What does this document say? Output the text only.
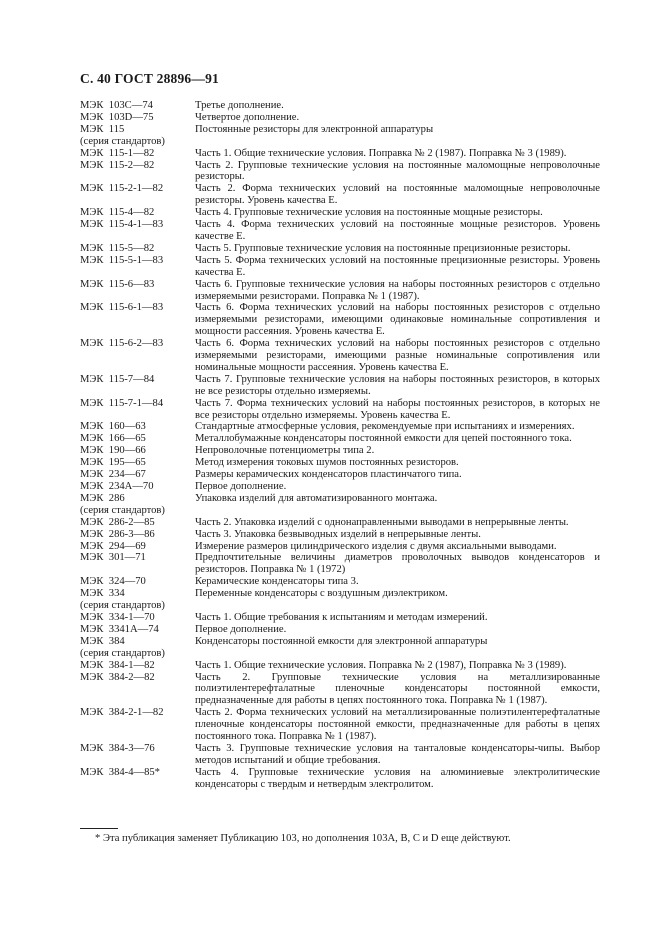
С. 40 ГОСТ 28896—91
МЭК  103С—74	Третье дополнение.
МЭК  103D—75	Четвертое дополнение.
МЭК  115	Постоянные резисторы для электронной аппаратуры
(серия стандартов)
МЭК  115-1—82	Часть 1. Общие технические условия. Поправка № 2 (1987). Поправка № 3 (1989).
МЭК  115-2—82	Часть 2. Групповые технические условия на постоянные маломощные непроволочные резисторы.
МЭК  115-2-1—82	Часть 2. Форма технических условий на постоянные маломощные непроволочные резисторы. Уровень качества Е.
МЭК  115-4—82	Часть 4. Групповые технические условия на постоянные мощные резисторы.
МЭК  115-4-1—83	Часть 4. Форма технических условий на постоянные мощные резисторов. Уровень качестве Е.
МЭК  115-5—82	Часть 5. Групповые технические условия на постоянные прецизионные резисторы.
МЭК  115-5-1—83	Часть 5. Форма технических условий на постоянные прецизионные резисторы. Уровень качества Е.
МЭК  115-6—83	Часть 6. Групповые технические условия на наборы постоянных резисторов с отдельно измеряемыми резисторами. Поправка № 1 (1987).
МЭК  115-6-1—83	Часть 6. Форма технических условий на наборы постоянных резисторов с отдельно измеряемыми резисторами, имеющими одинаковые номинальные сопротивления и мощности рассеяния. Уровень качества Е.
МЭК  115-6-2—83	Часть 6. Форма технических условий на наборы постоянных резисторов с отдельно измеряемыми резисторами, имеющими разные номинальные сопротивления или номинальные мощности рассеяния. Уровень качества Е.
МЭК  115-7—84	Часть 7. Групповые технические условия на наборы постоянных резисторов, в которых не все резисторы отдельно измеряемы.
МЭК  115-7-1—84	Часть 7. Форма технических условий на наборы постоянных резисторов, в которых не все резисторы отдельно измеряемы. Уровень качества Е.
МЭК  160—63	Стандартные атмосферные условия, рекомендуемые при испытаниях и измерениях.
МЭК  166—65	Металлобумажные конденсаторы постоянной емкости для цепей постоянного тока.
МЭК  190—66	Непроволочные потенциометры типа 2.
МЭК  195—65	Метод измерения токовых шумов постоянных резисторов.
МЭК  234—67	Размеры керамических конденсаторов пластинчатого типа.
МЭК  234А—70	Первое дополнение.
МЭК  286	Упаковка изделий для автоматизированного монтажа.
(серия стандартов)
МЭК  286-2—85	Часть 2. Упаковка изделий с однонаправленными выводами в непрерывные ленты.
МЭК  286-3—86	Часть 3. Упаковка безвыводных изделий в непрерывные ленты.
МЭК  294—69	Измерение размеров цилиндрического изделия с двумя аксиальными выводами.
МЭК  301—71	Предпочтительные величины диаметров проволочных выводов конденсаторов и резисторов. Поправка № 1 (1972)
МЭК  324—70	Керамические конденсаторы типа 3.
МЭК  334	Переменные конденсаторы с воздушным диэлектриком.
(серия стандартов)
МЭК  334-1—70	Часть 1. Общие требования к испытаниям и методам измерений.
МЭК  3341А—74	Первое дополнение.
МЭК  384	Конденсаторы постоянной емкости для электронной аппаратуры
(серия стандартов)
МЭК  384-1—82	Часть 1. Общие технические условия. Поправка № 2 (1987), Поправка № 3 (1989).
МЭК  384-2—82	Часть 2. Групповые технические условия на металлизированные полиэтилентерефталатные пленочные конденсаторы постоянной емкости, предназначенные для работы в цепях постоянного тока. Поправка № 1 (1987).
МЭК  384-2-1—82	Часть 2. Форма технических условий на металлизированные полиэтилентерефталатные пленочные конденсаторы постоянной емкости, предназначенные для работы в цепях постоянного тока. Поправка № 1 (1987).
МЭК  384-3—76	Часть 3. Групповые технические условия на танталовые конденсаторы-чипы. Выбор методов испытаний и общие требования.
МЭК  384-4—85*	Часть 4. Групповые технические условия на алюминиевые электролитические конденсаторы с твердым и нетвердым электролитом.
* Эта публикация заменяет Публикацию 103, но дополнения 103А, В, С и D еще действуют.
